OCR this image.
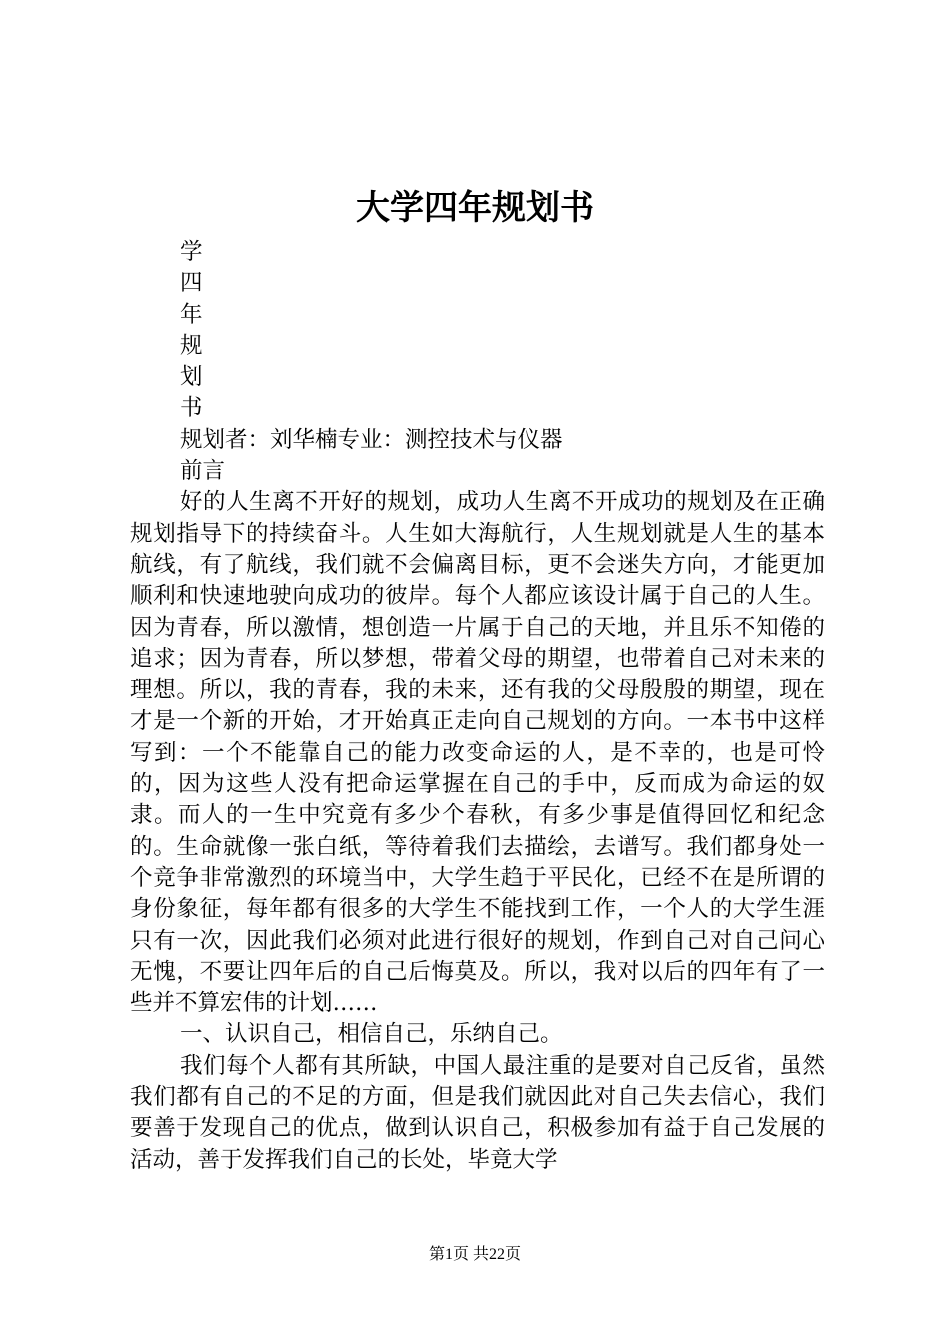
大学四年规划书

学

四

年

规

划

书

规划者：刘华楠专业：测控技术与仪器

前言

好的人生离不开好的规划，成功人生离不开成功的规划及在正确规划指导下的持续奋斗。人生如大海航行，人生规划就是人生的基本航线，有了航线，我们就不会偏离目标，更不会迷失方向，才能更加顺利和快速地驶向成功的彼岸。每个人都应该设计属于自己的人生。因为青春，所以激情，想创造一片属于自己的天地，并且乐不知倦的追求；因为青春，所以梦想，带着父母的期望，也带着自己对未来的理想。所以，我的青春，我的未来，还有我的父母殷殷的期望，现在才是一个新的开始，才开始真正走向自己规划的方向。一本书中这样写到：一个不能靠自己的能力改变命运的人，是不幸的，也是可怜的，因为这些人没有把命运掌握在自己的手中，反而成为命运的奴隶。而人的一生中究竟有多少个春秋，有多少事是值得回忆和纪念的。生命就像一张白纸，等待着我们去描绘，去谱写。我们都身处一个竞争非常激烈的环境当中，大学生趋于平民化，已经不在是所谓的身份象征，每年都有很多的大学生不能找到工作，一个人的大学生涯只有一次，因此我们必须对此进行很好的规划，作到自己对自己问心无愧，不要让四年后的自己后悔莫及。所以，我对以后的四年有了一些并不算宏伟的计划……

一、认识自己，相信自己，乐纳自己。

我们每个人都有其所缺，中国人最注重的是要对自己反省，虽然我们都有自己的不足的方面，但是我们就因此对自己失去信心，我们要善于发现自己的优点，做到认识自己，积极参加有益于自己发展的活动，善于发挥我们自己的长处，毕竟大学

第1页 共22页
